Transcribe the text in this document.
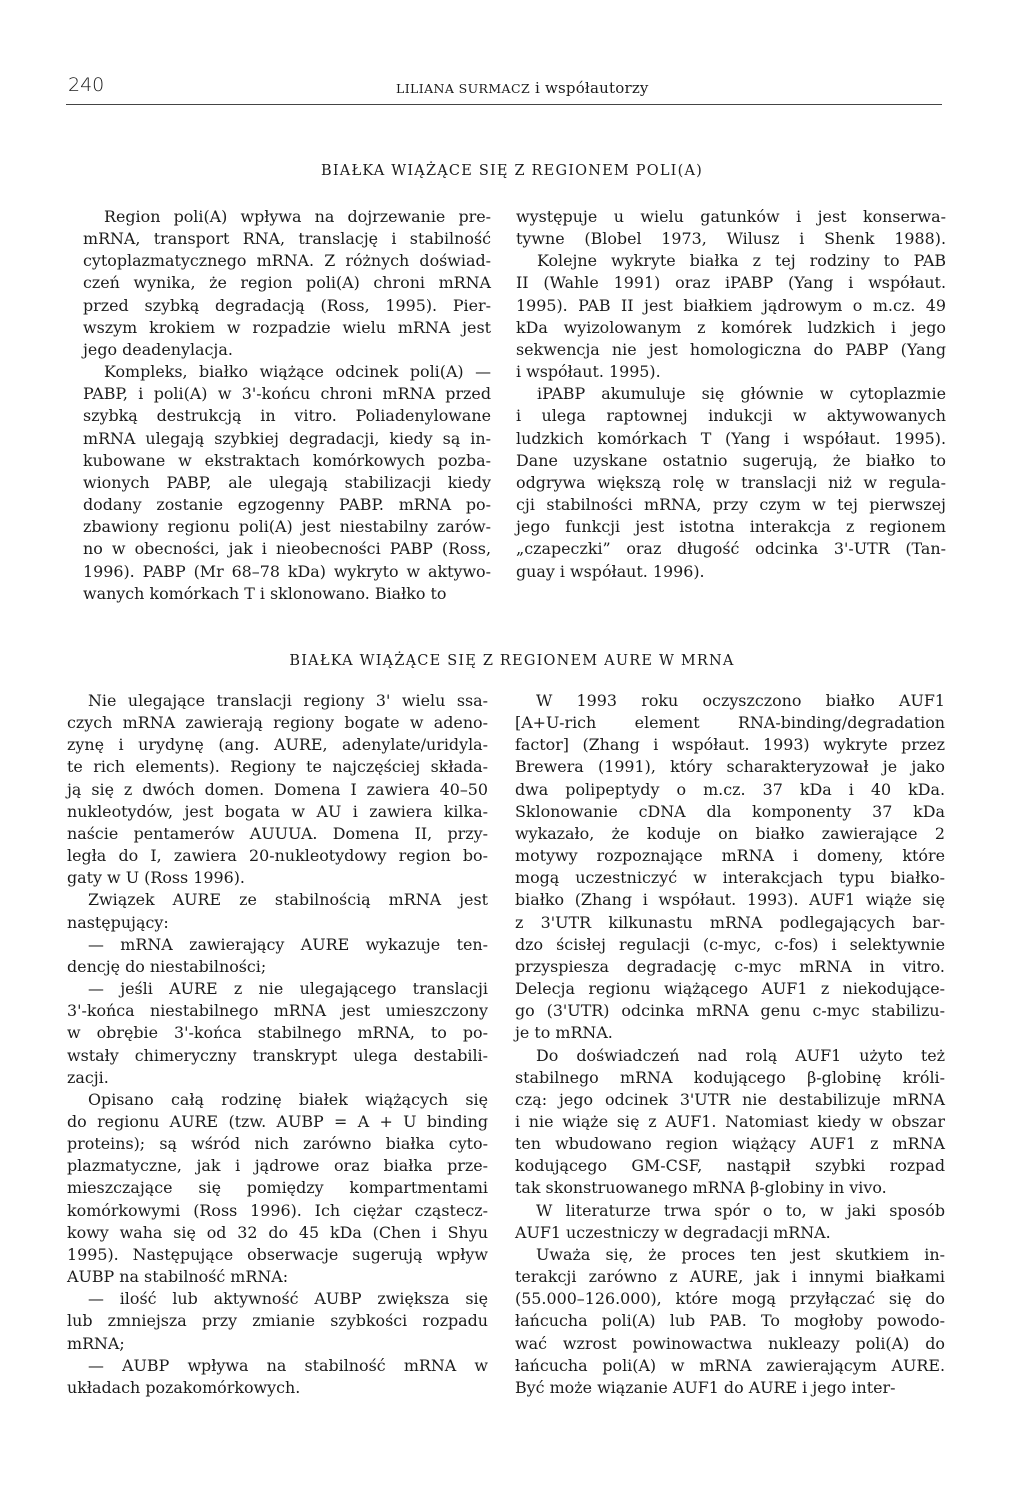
240	LILIANA SURMACZ i współautorzy
BIAŁKA WIĄŻĄCE SIĘ Z REGIONEM POLI(A)
Region poli(A) wpływa na dojrzewanie pre-
mRNA, transport RNA, translację i stabilność
cytoplazmatycznego mRNA. Z różnych doświad-
czeń wynika, że region poli(A) chroni mRNA
przed szybką degradacją (Ross, 1995). Pier-
wszym krokiem w rozpadzie wielu mRNA jest
jego deadenylacja.
Kompleks, białko wiążące odcinek poli(A) —
PABP, i poli(A) w 3'-końcu chroni mRNA przed
szybką destrukcją in vitro. Poliadenylowane
mRNA ulegają szybkiej degradacji, kiedy są in-
kubowane w ekstraktach komórkowych pozba-
wionych PABP, ale ulegają stabilizacji kiedy
dodany zostanie egzogenny PABP. mRNA po-
zbawiony regionu poli(A) jest niestabilny zarów-
no w obecności, jak i nieobecności PABP (Ross,
1996). PABP (Mr 68–78 kDa) wykryto w aktywo-
wanych komórkach T i sklonowano. Białko to
występuje u wielu gatunków i jest konserwa-
tywne (Blobel 1973, Wilusz i Shenk 1988).
Kolejne wykryte białka z tej rodziny to PAB
II (Wahle 1991) oraz iPABP (Yang i współaut.
1995). PAB II jest białkiem jądrowym o m.cz. 49
kDa wyizolowanym z komórek ludzkich i jego
sekwencja nie jest homologiczna do PABP (Yang
i współaut. 1995).
iPABP akumuluje się głównie w cytoplazmie
i ulega raptownej indukcji w aktywowanych
ludzkich komórkach T (Yang i współaut. 1995).
Dane uzyskane ostatnio sugerują, że białko to
odgrywa większą rolę w translacji niż w regula-
cji stabilności mRNA, przy czym w tej pierwszej
jego funkcji jest istotna interakcja z regionem
„czapeczki” oraz długość odcinka 3'-UTR (Tan-
guay i współaut. 1996).
BIAŁKA WIĄŻĄCE SIĘ Z REGIONEM AURE W MRNA
Nie ulegające translacji regiony 3' wielu ssa-
czych mRNA zawierają regiony bogate w adeno-
zynę i urydynę (ang. AURE, adenylate/uridyla-
te rich elements). Regiony te najczęściej składa-
ją się z dwóch domen. Domena I zawiera 40–50
nukleotydów, jest bogata w AU i zawiera kilka-
naście pentamerów AUUUA. Domena II, przy-
legła do I, zawiera 20-nukleotydowy region bo-
gaty w U (Ross 1996).
Związek AURE ze stabilnością mRNA jest
następujący:
— mRNA zawierający AURE wykazuje ten-
dencję do niestabilności;
— jeśli AURE z nie ulegającego translacji
3'-końca niestabilnego mRNA jest umieszczony
w obrębie 3'-końca stabilnego mRNA, to po-
wstały chimeryczny transkrypt ulega destabili-
zacji.
Opisano całą rodzinę białek wiążących się
do regionu AURE (tzw. AUBP = A + U binding
proteins); są wśród nich zarówno białka cyto-
plazmatyczne, jak i jądrowe oraz białka prze-
mieszczające się pomiędzy kompartmentami
komórkowymi (Ross 1996). Ich ciężar cząstecz-
kowy waha się od 32 do 45 kDa (Chen i Shyu
1995). Następujące obserwacje sugerują wpływ
AUBP na stabilność mRNA:
— ilość lub aktywność AUBP zwiększa się
lub zmniejsza przy zmianie szybkości rozpadu
mRNA;
— AUBP wpływa na stabilność mRNA w
układach pozakomórkowych.
W 1993 roku oczyszczono białko AUF1
[A+U-rich element RNA-binding/degradation
factor] (Zhang i współaut. 1993) wykryte przez
Brewera (1991), który scharakteryzował je jako
dwa polipeptydy o m.cz. 37 kDa i 40 kDa.
Sklonowanie cDNA dla komponenty 37 kDa
wykazało, że koduje on białko zawierające 2
motywy rozpoznające mRNA i domeny, które
mogą uczestniczyć w interakcjach typu białko-
białko (Zhang i współaut. 1993). AUF1 wiąże się
z 3'UTR kilkunastu mRNA podlegających bar-
dzo ścisłej regulacji (c-myc, c-fos) i selektywnie
przyspiesza degradację c-myc mRNA in vitro.
Delecja regionu wiążącego AUF1 z niekodujące-
go (3'UTR) odcinka mRNA genu c-myc stabilizu-
je to mRNA.
Do doświadczeń nad rolą AUF1 użyto też
stabilnego mRNA kodującego β-globinę króli-
czą: jego odcinek 3'UTR nie destabilizuje mRNA
i nie wiąże się z AUF1. Natomiast kiedy w obszar
ten wbudowano region wiążący AUF1 z mRNA
kodującego GM-CSF, nastąpił szybki rozpad
tak skonstruowanego mRNA β-globiny in vivo.
W literaturze trwa spór o to, w jaki sposób
AUF1 uczestniczy w degradacji mRNA.
Uważa się, że proces ten jest skutkiem in-
terakcji zarówno z AURE, jak i innymi białkami
(55.000–126.000), które mogą przyłączać się do
łańcucha poli(A) lub PAB. To mogłoby powodo-
wać wzrost powinowactwa nukleazy poli(A) do
łańcucha poli(A) w mRNA zawierającym AURE.
Być może wiązanie AUF1 do AURE i jego inter-
